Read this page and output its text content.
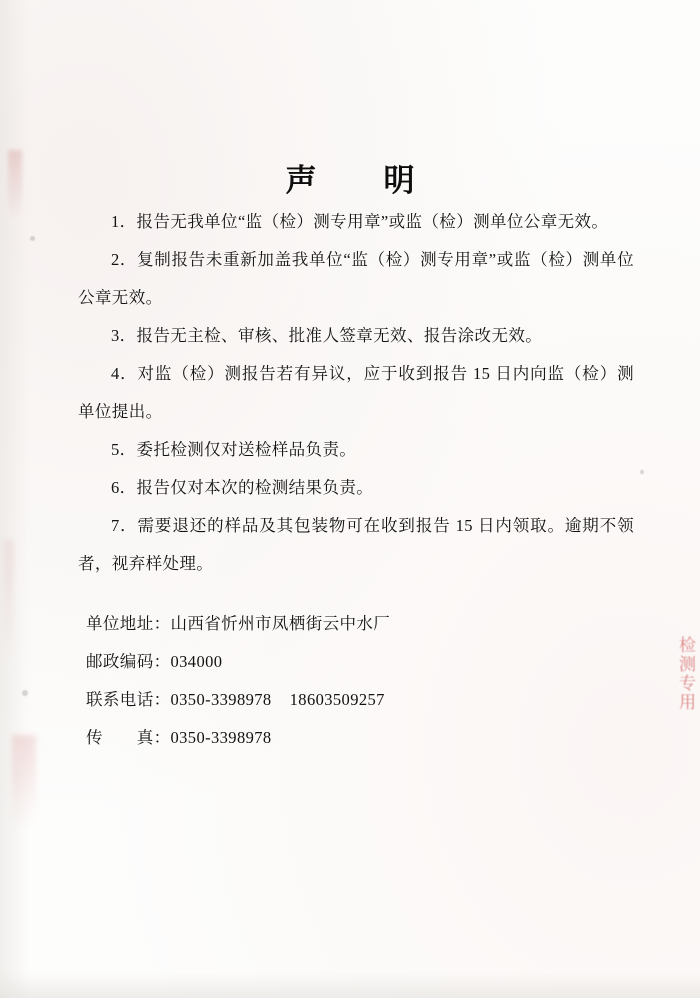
声　明

1．报告无我单位“监（检）测专用章”或监（检）测单位公章无效。

2．复制报告未重新加盖我单位“监（检）测专用章”或监（检）测单位公章无效。

3．报告无主检、审核、批准人签章无效、报告涂改无效。

4．对监（检）测报告若有异议，应于收到报告 15 日内向监（检）测单位提出。

5．委托检测仅对送检样品负责。

6．报告仅对本次的检测结果负责。

7．需要退还的样品及其包装物可在收到报告 15 日内领取。逾期不领者，视弃样处理。

单位地址：山西省忻州市凤栖街云中水厂
邮政编码：034000
联系电话：0350-3398978    18603509257
传　　真：0350-3398978
检测专用
